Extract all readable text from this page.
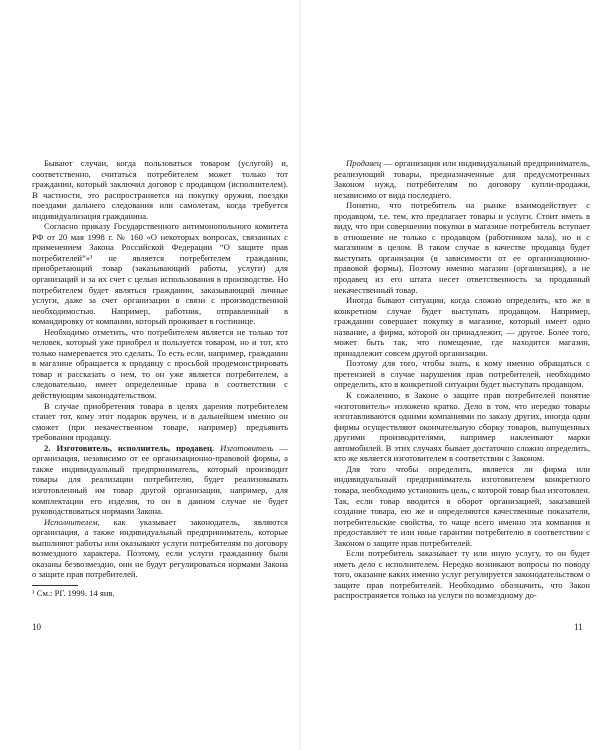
Бывают случаи, когда пользоваться товаром (услугой) и, соответственно, считаться потребителем может только тот гражданин, который заключил договор с продавцом (исполнителем). В частности, это распространяется на покупку оружия, поездки поездами дальнего следования или самолетам, когда требуется индивидуализация гражданина.

Согласно приказу Государственного антимонопольного комитета РФ от 20 мая 1998 г. № 160 «О некоторых вопросах, связанных с применением Закона Российской Федерации “О защите прав потребителей”»¹ не является потребителем гражданин, приобретающий товар (заказывающий работы, услуги) для организаций и за их счет с целью использования в производстве. Но потребителем будет являться гражданин, заказывающий личные услуги, даже за счет организации в связи с производственной необходимостью. Например, работник, отправленный в командировку от компании, который проживает в гостинице.

Необходимо отметить, что потребителем является не только тот человек, который уже приобрел и пользуется товаром, но и тот, кто только намеревается это сделать. То есть если, например, гражданин в магазине обращается к продавцу с просьбой продемонстрировать товар и рассказать о нем, то он уже является потребителем, а следовательно, имеет определенные права в соответствии с действующим законодательством.

В случае приобретения товара в целях дарения потребителем станет тот, кому этот подарок вручен, и в дальнейшем именно он сможет (при некачественном товаре, например) предъявить требования продавцу.

2. Изготовитель, исполнитель, продавец. Изготовитель — организация, независимо от ее организационно-правовой формы, а также индивидуальный предприниматель, который производит товары для реализации потребителю, будет реализовывать изготовленный им товар другой организации, например, для комплектации его изделия, то он в данном случае не будет руководствоваться нормами Закона.

Исполнителем, как указывает законодатель, являются организация, а также индивидуальный предприниматель, которые выполняют работы или оказывают услуги потребителям по договору возмездного характера. Поэтому, если услуги гражданину были оказаны безвозмездно, они не будут регулироваться нормами Закона о защите прав потребителей.

¹ См.: РГ. 1999. 14 янв.

10

Продавец — организация или индивидуальный предприниматель, реализующий товары, предназначенные для предусмотренных Законом нужд, потребителям по договору купли-продажи, независимо от вида последнего.

Понятно, что потребитель на рынке взаимодействует с продавцом, т.е. тем, кто предлагает товары и услуги. Стоит иметь в виду, что при совершении покупки в магазине потребитель вступает в отношение не только с продавцом (работником зала), но и с магазином в целом. В таком случае в качестве продавца будет выступать организация (в зависимости от ее организационно-правовой формы). Поэтому именно магазин (организация), а не продавец из его штата несет ответственность за проданный некачественный товар.

Иногда бывают ситуации, когда сложно определить, кто же в конкретном случае будет выступать продавцом. Например, гражданин совершает покупку в магазине, который имеет одно название, а фирма, которой он принадлежит, — другое. Более того, может быть так, что помещение, где находится магазин, принадлежит совсем другой организации.

Поэтому для того, чтобы знать, к кому именно обращаться с претензией в случае нарушения прав потребителей, необходимо определить, кто в конкретной ситуации будет выступать продавцом.

К сожалению, в Законе о защите прав потребителей понятие «изготовитель» изложено кратко. Дело в том, что нередко товары изготавливаются одними компаниями по заказу других, иногда одни фирмы осуществляют окончательную сборку товаров, выпущенных другими производителями, например наклеивают марки автомобилей. В этих случаях бывает достаточно сложно определить, кто же является изготовителем в соответствии с Законом.

Для того чтобы определить, является ли фирма или индивидуальный предприниматель изготовителем конкретного товара, необходимо установить цель, с которой товар был изготовлен. Так, если товар вводится в оборот организацией, заказавшей создание товара, ею же и определяются качественные показатели, потребительские свойства, то чаще всего именно эта компания и предоставляет те или иные гарантии потребителю в соответствии с Законом о защите прав потребителей.

Если потребитель заказывает ту или иную услугу, то он будет иметь дело с исполнителем. Нередко возникают вопросы по поводу того, оказание каких именно услуг регулируется законодательством о защите прав потребителей. Необходимо обозначить, что Закон распространяется только на услуги по возмездному до-

11
